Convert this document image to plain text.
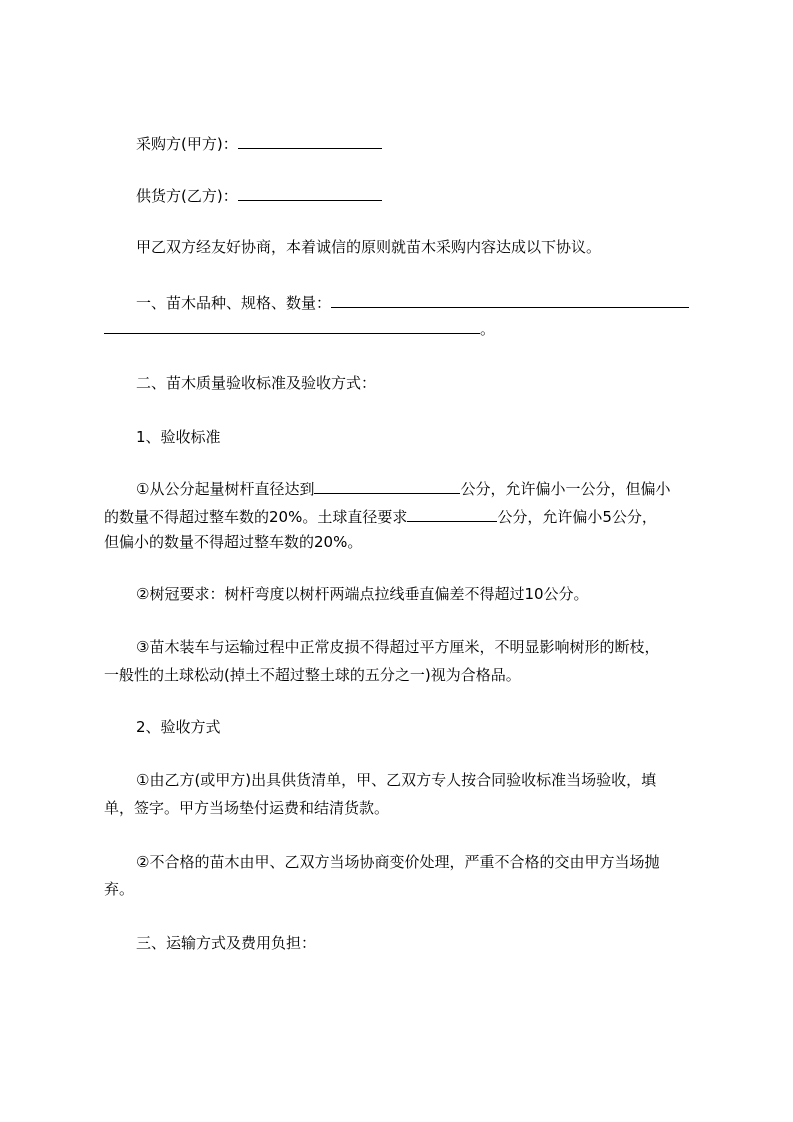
采购方(甲方)：
供货方(乙方)：
甲乙双方经友好协商，本着诚信的原则就苗木采购内容达成以下协议。
一、苗木品种、规格、数量：
。
二、苗木质量验收标准及验收方式：
1、验收标准
①从公分起量树杆直径达到	公分，允许偏小一公分，但偏小
的数量不得超过整车数的20%。土球直径要求	公分，允许偏小5公分，
但偏小的数量不得超过整车数的20%。
②树冠要求：树杆弯度以树杆两端点拉线垂直偏差不得超过10公分。
③苗木装车与运输过程中正常皮损不得超过平方厘米，不明显影响树形的断枝，
一般性的土球松动(掉土不超过整土球的五分之一)视为合格品。
2、验收方式
①由乙方(或甲方)出具供货清单，甲、乙双方专人按合同验收标准当场验收，填
单，签字。甲方当场垫付运费和结清货款。
②不合格的苗木由甲、乙双方当场协商变价处理，严重不合格的交由甲方当场抛
弃。
三、运输方式及费用负担：
